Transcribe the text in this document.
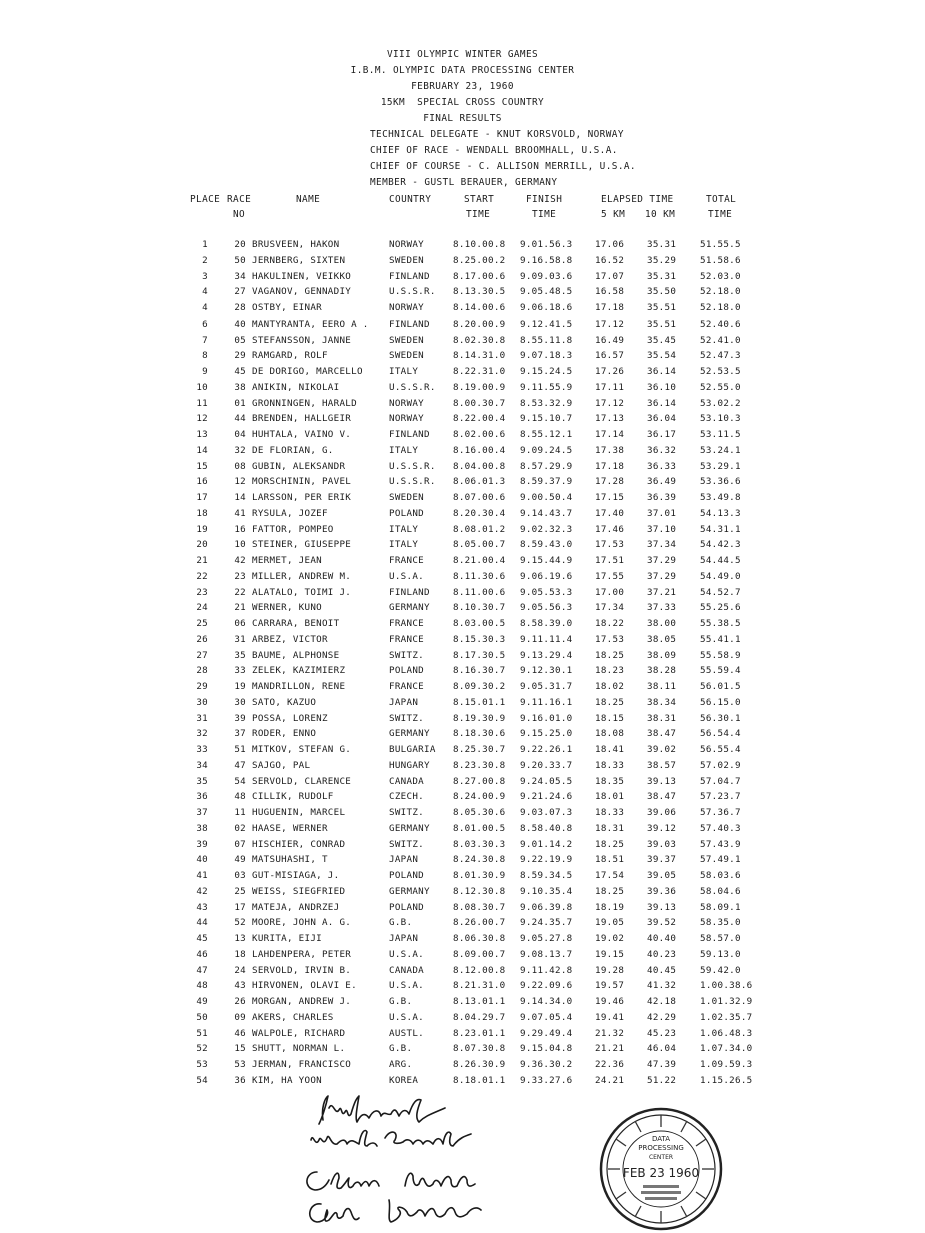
VIII OLYMPIC WINTER GAMES
I.B.M. OLYMPIC DATA PROCESSING CENTER
FEBRUARY 23, 1960
15KM  SPECIAL CROSS COUNTRY
FINAL RESULTS
TECHNICAL DELEGATE - KNUT KORSVOLD, NORWAY
CHIEF OF RACE - WENDALL BROOMHALL, U.S.A.
CHIEF OF COURSE - C. ALLISON MERRILL, U.S.A.
MEMBER - GUSTL BERAUER, GERMANY
PLACE RACE
NO
NAME	COUNTRY	START
TIME
FINISH
TIME
ELAPSED TIME
5 KM 10 KM
TOTAL
TIME
1	20 BRUSVEEN, HAKON	NORWAY	8.10.00.8 9.01.56.3 17.06 35.31	51.55.5
2	50 JERNBERG, SIXTEN	SWEDEN	8.25.00.2 9.16.58.8 16.52 35.29	51.58.6
3	34 HAKULINEN, VEIKKO	FINLAND	8.17.00.6 9.09.03.6 17.07 35.31	52.03.0
4	27 VAGANOV, GENNADIY	U.S.S.R. 8.13.30.5 9.05.48.5 16.58 35.50	52.18.0
4	28 OSTBY, EINAR	NORWAY	8.14.00.6 9.06.18.6 17.18 35.51	52.18.0
6	40 MANTYRANTA, EERO A . FINLAND	8.20.00.9 9.12.41.5 17.12 35.51	52.40.6
7	05 STEFANSSON, JANNE	SWEDEN	8.02.30.8 8.55.11.8 16.49 35.45	52.41.0
8	29 RAMGARD, ROLF	SWEDEN	8.14.31.0 9.07.18.3 16.57 35.54	52.47.3
9	45 DE DORIGO, MARCELLO	ITALY	8.22.31.0 9.15.24.5 17.26 36.14	52.53.5
10	38 ANIKIN, NIKOLAI	U.S.S.R. 8.19.00.9 9.11.55.9 17.11 36.10	52.55.0
11	01 GRONNINGEN, HARALD	NORWAY	8.00.30.7 8.53.32.9 17.12 36.14	53.02.2
12	44 BRENDEN, HALLGEIR	NORWAY	8.22.00.4 9.15.10.7 17.13 36.04	53.10.3
13	04 HUHTALA, VAINO V.	FINLAND	8.02.00.6 8.55.12.1 17.14 36.17	53.11.5
14	32 DE FLORIAN, G.	ITALY	8.16.00.4 9.09.24.5 17.38 36.32	53.24.1
15	08 GUBIN, ALEKSANDR	U.S.S.R. 8.04.00.8 8.57.29.9 17.18 36.33	53.29.1
16	12 MORSCHININ, PAVEL	U.S.S.R. 8.06.01.3 8.59.37.9 17.28 36.49	53.36.6
17	14 LARSSON, PER ERIK	SWEDEN	8.07.00.6 9.00.50.4 17.15 36.39	53.49.8
18	41 RYSULA, JOZEF	POLAND	8.20.30.4 9.14.43.7 17.40 37.01	54.13.3
19	16 FATTOR, POMPEO	ITALY	8.08.01.2 9.02.32.3 17.46 37.10	54.31.1
20	10 STEINER, GIUSEPPE	ITALY	8.05.00.7 8.59.43.0 17.53 37.34	54.42.3
21	42 MERMET, JEAN	FRANCE	8.21.00.4 9.15.44.9 17.51 37.29	54.44.5
22	23 MILLER, ANDREW M.	U.S.A.	8.11.30.6 9.06.19.6 17.55 37.29	54.49.0
23	22 ALATALO, TOIMI J.	FINLAND	8.11.00.6 9.05.53.3 17.00 37.21	54.52.7
24	21 WERNER, KUNO	GERMANY	8.10.30.7 9.05.56.3 17.34 37.33	55.25.6
25	06 CARRARA, BENOIT	FRANCE	8.03.00.5 8.58.39.0 18.22 38.00	55.38.5
26	31 ARBEZ, VICTOR	FRANCE	8.15.30.3 9.11.11.4 17.53 38.05	55.41.1
27	35 BAUME, ALPHONSE	SWITZ.	8.17.30.5 9.13.29.4 18.25 38.09	55.58.9
28	33 ZELEK, KAZIMIERZ	POLAND	8.16.30.7 9.12.30.1 18.23 38.28	55.59.4
29	19 MANDRILLON, RENE	FRANCE	8.09.30.2 9.05.31.7 18.02 38.11	56.01.5
30	30 SATO, KAZUO	JAPAN	8.15.01.1 9.11.16.1 18.25 38.34	56.15.0
31	39 POSSA, LORENZ	SWITZ.	8.19.30.9 9.16.01.0 18.15 38.31	56.30.1
32	37 RODER, ENNO	GERMANY	8.18.30.6 9.15.25.0 18.08 38.47	56.54.4
33	51 MITKOV, STEFAN G.	BULGARIA 8.25.30.7 9.22.26.1 18.41 39.02	56.55.4
34	47 SAJGO, PAL	HUNGARY	8.23.30.8 9.20.33.7 18.33 38.57	57.02.9
35	54 SERVOLD, CLARENCE	CANADA	8.27.00.8 9.24.05.5 18.35 39.13	57.04.7
36	48 CILLIK, RUDOLF	CZECH.	8.24.00.9 9.21.24.6 18.01 38.47	57.23.7
37	11 HUGUENIN, MARCEL	SWITZ.	8.05.30.6 9.03.07.3 18.33 39.06	57.36.7
38	02 HAASE, WERNER	GERMANY	8.01.00.5 8.58.40.8 18.31 39.12	57.40.3
39	07 HISCHIER, CONRAD	SWITZ.	8.03.30.3 9.01.14.2 18.25 39.03	57.43.9
40	49 MATSUHASHI, T	JAPAN	8.24.30.8 9.22.19.9 18.51 39.37	57.49.1
41	03 GUT-MISIAGA, J.	POLAND	8.01.30.9 8.59.34.5 17.54 39.05	58.03.6
42	25 WEISS, SIEGFRIED	GERMANY	8.12.30.8 9.10.35.4 18.25 39.36	58.04.6
43	17 MATEJA, ANDRZEJ	POLAND	8.08.30.7 9.06.39.8 18.19 39.13	58.09.1
44	52 MOORE, JOHN A. G.	G.B.	8.26.00.7 9.24.35.7 19.05 39.52	58.35.0
45	13 KURITA, EIJI	JAPAN	8.06.30.8 9.05.27.8 19.02 40.40	58.57.0
46	18 LAHDENPERA, PETER	U.S.A.	8.09.00.7 9.08.13.7 19.15 40.23	59.13.0
47	24 SERVOLD, IRVIN B.	CANADA	8.12.00.8 9.11.42.8 19.28 40.45	59.42.0
48	43 HIRVONEN, OLAVI E.	U.S.A.	8.21.31.0 9.22.09.6 19.57 41.32	1.00.38.6
49	26 MORGAN, ANDREW J.	G.B.	8.13.01.1 9.14.34.0 19.46 42.18	1.01.32.9
50	09 AKERS, CHARLES	U.S.A.	8.04.29.7 9.07.05.4 19.41 42.29	1.02.35.7
51	46 WALPOLE, RICHARD	AUSTL.	8.23.01.1 9.29.49.4 21.32 45.23	1.06.48.3
52	15 SHUTT, NORMAN L.	G.B.	8.07.30.8 9.15.04.8 21.21 46.04	1.07.34.0
53	53 JERMAN, FRANCISCO	ARG.	8.26.30.9 9.36.30.2 22.36 47.39	1.09.59.3
54	36 KIM, HA YOON	KOREA	8.18.01.1 9.33.27.6 24.21 51.22	1.15.26.5
DATA
PROCESSING
CENTER
FEB 23 1960
